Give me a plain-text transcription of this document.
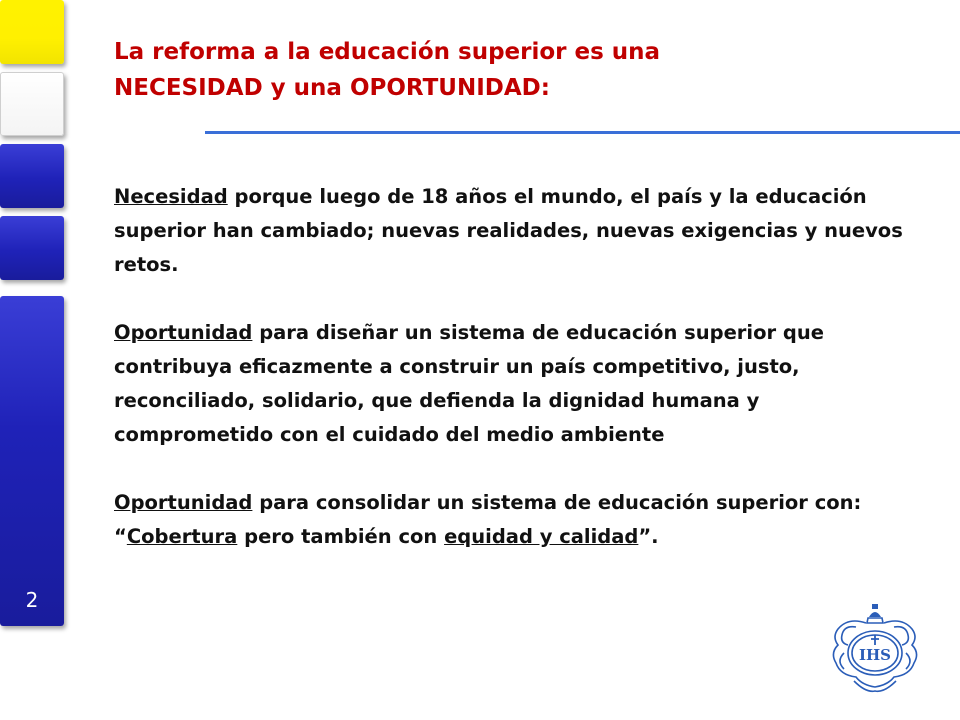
2
La reforma a la educación superior es una
NECESIDAD y una OPORTUNIDAD:

Necesidad porque luego de 18 años el mundo, el país y la educación superior han cambiado; nuevas realidades, nuevas exigencias y nuevos retos.

Oportunidad para diseñar un sistema de educación superior que contribuya eficazmente a construir un país competitivo, justo, reconciliado, solidario, que defienda la dignidad humana y comprometido con el cuidado del medio ambiente

Oportunidad para consolidar un sistema de educación superior con: “Cobertura pero también con equidad y calidad”.

IHS
